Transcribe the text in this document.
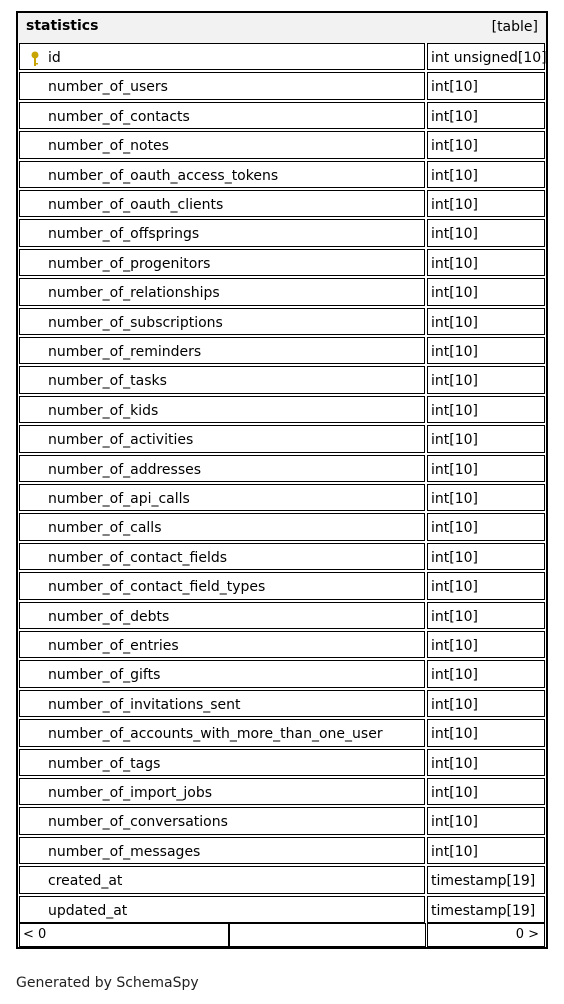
statistics	[table]
id	int unsigned[10]
number_of_users	int[10]
number_of_contacts	int[10]
number_of_notes	int[10]
number_of_oauth_access_tokens	int[10]
number_of_oauth_clients	int[10]
number_of_offsprings	int[10]
number_of_progenitors	int[10]
number_of_relationships	int[10]
number_of_subscriptions	int[10]
number_of_reminders	int[10]
number_of_tasks	int[10]
number_of_kids	int[10]
number_of_activities	int[10]
number_of_addresses	int[10]
number_of_api_calls	int[10]
number_of_calls	int[10]
number_of_contact_fields	int[10]
number_of_contact_field_types	int[10]
number_of_debts	int[10]
number_of_entries	int[10]
number_of_gifts	int[10]
number_of_invitations_sent	int[10]
number_of_accounts_with_more_than_one_user	int[10]
number_of_tags	int[10]
number_of_import_jobs	int[10]
number_of_conversations	int[10]
number_of_messages	int[10]
created_at	timestamp[19]
updated_at	timestamp[19]
< 0	0 >
Generated by SchemaSpy
